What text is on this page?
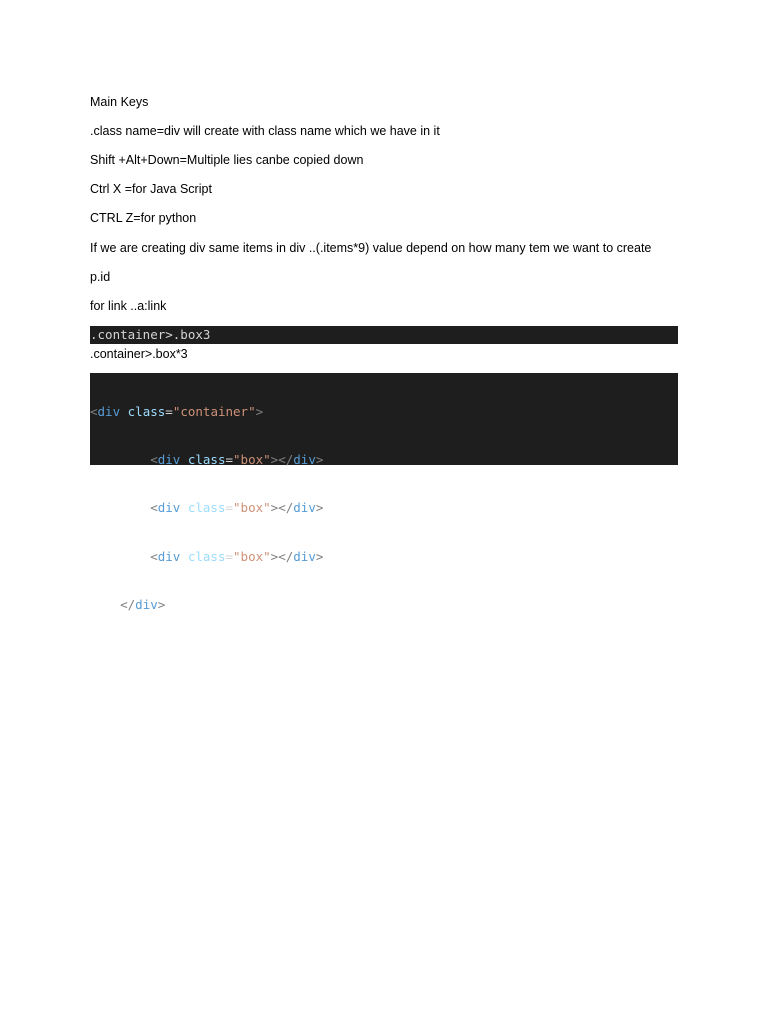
Main Keys
.class name=div will create with class name which we have in it
Shift +Alt+Down=Multiple lies canbe copied down
Ctrl X =for Java Script
CTRL Z=for python
If we are creating div same items in div ..(.items*9) value depend on how many tem we want to create
p.id
for link ..a:link
.container>.box3
.container>.box*3

<div class="container">

<div class="box"></div>

<div class="box"></div>

<div class="box"></div>

</div>
